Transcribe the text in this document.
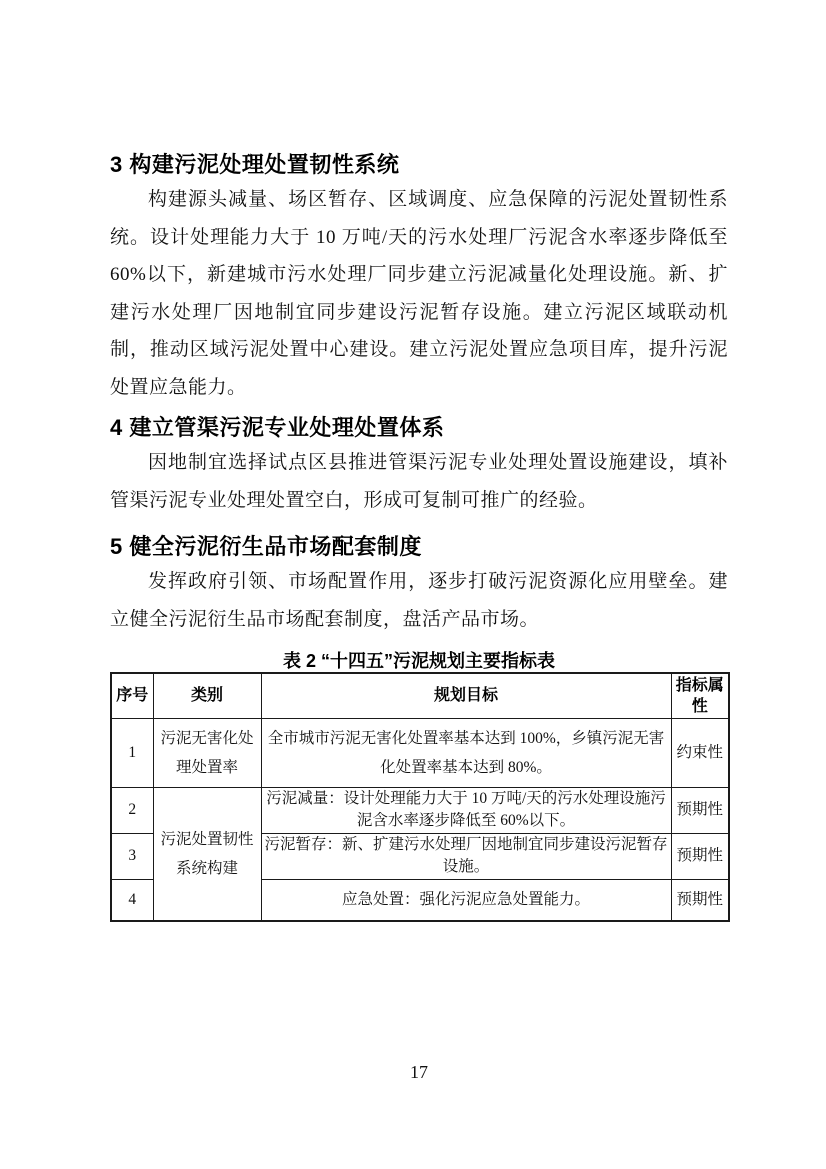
3 构建污泥处理处置韧性系统

构建源头减量、场区暂存、区域调度、应急保障的污泥处置韧性系统。设计处理能力大于 10 万吨/天的污水处理厂污泥含水率逐步降低至 60%以下，新建城市污水处理厂同步建立污泥减量化处理设施。新、扩建污水处理厂因地制宜同步建设污泥暂存设施。建立污泥区域联动机制，推动区域污泥处置中心建设。建立污泥处置应急项目库，提升污泥处置应急能力。

4 建立管渠污泥专业处理处置体系

因地制宜选择试点区县推进管渠污泥专业处理处置设施建设，填补管渠污泥专业处理处置空白，形成可复制可推广的经验。

5 健全污泥衍生品市场配套制度

发挥政府引领、市场配置作用，逐步打破污泥资源化应用壁垒。建立健全污泥衍生品市场配套制度，盘活产品市场。

表 2 “十四五”污泥规划主要指标表
序号	类别	规划目标	指标属性
1	污泥无害化处理处置率	全市城市污泥无害化处置率基本达到 100%，乡镇污泥无害化处置率基本达到 80%。	约束性
2	污泥处置韧性系统构建	污泥减量：设计处理能力大于 10 万吨/天的污水处理设施污泥含水率逐步降低至 60%以下。	预期性
3		污泥暂存：新、扩建污水处理厂因地制宜同步建设污泥暂存设施。	预期性
4		应急处置：强化污泥应急处置能力。	预期性
17
